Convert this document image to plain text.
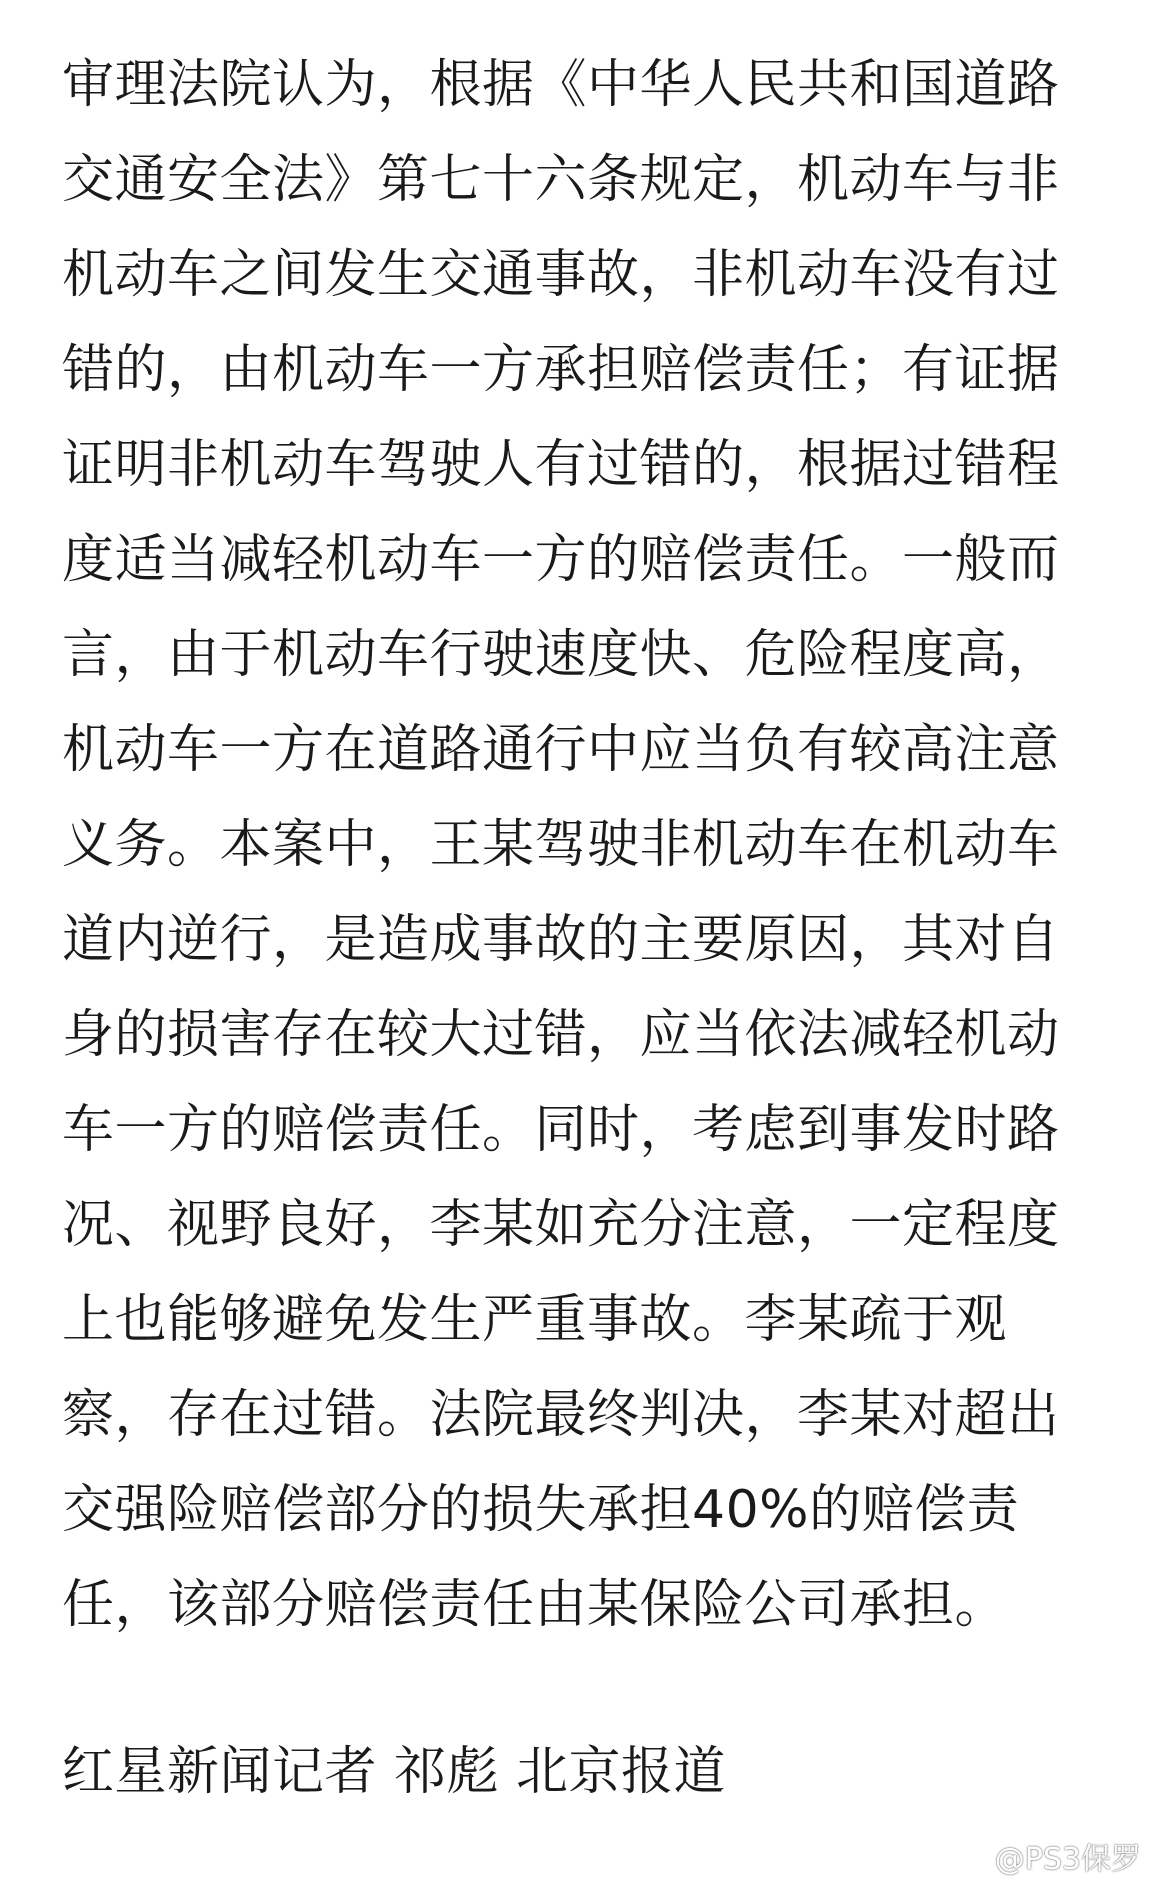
审理法院认为，根据《中华人民共和国道路
交通安全法》第七十六条规定，机动车与非
机动车之间发生交通事故，非机动车没有过
错的，由机动车一方承担赔偿责任；有证据
证明非机动车驾驶人有过错的，根据过错程
度适当减轻机动车一方的赔偿责任。一般而
言，由于机动车行驶速度快、危险程度高，
机动车一方在道路通行中应当负有较高注意
义务。本案中，王某驾驶非机动车在机动车
道内逆行，是造成事故的主要原因，其对自
身的损害存在较大过错，应当依法减轻机动
车一方的赔偿责任。同时，考虑到事发时路
况、视野良好，李某如充分注意，一定程度
上也能够避免发生严重事故。李某疏于观
察，存在过错。法院最终判决，李某对超出
交强险赔偿部分的损失承担40%的赔偿责
任，该部分赔偿责任由某保险公司承担。
红星新闻记者 祁彪 北京报道
@PS3保罗
